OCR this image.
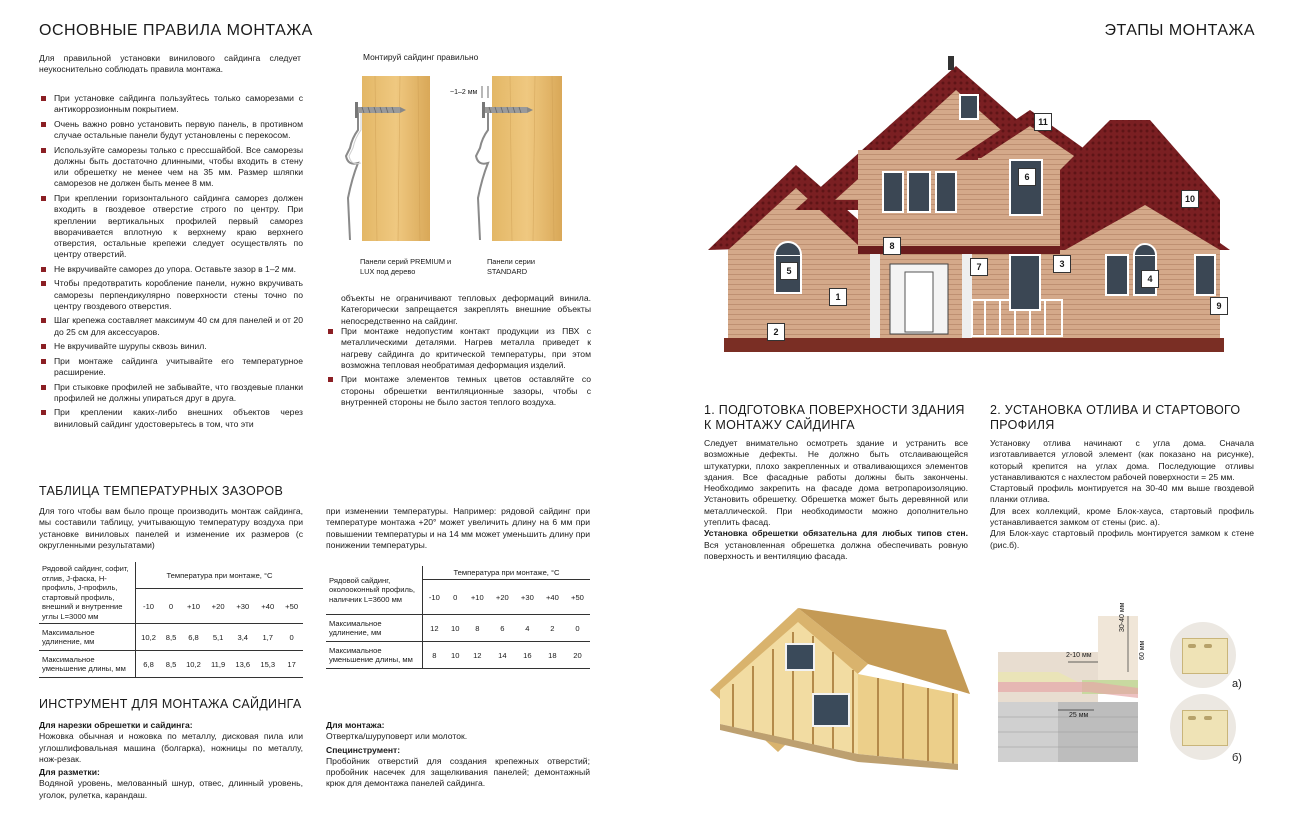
ОСНОВНЫЕ ПРАВИЛА МОНТАЖА
Для правильной установки винилового сайдинга следует неукоснительно соблюдать правила монтажа.
При установке сайдинга пользуйтесь только саморезами с антикоррозионным покрытием.
Очень важно ровно установить первую панель, в противном случае остальные панели будут установлены с перекосом.
Используйте саморезы только с прессшайбой. Все саморезы должны быть достаточно длинными, чтобы входить в стену или обрешетку не менее чем на 35 мм. Размер шляпки саморезов не должен быть менее 8 мм.
При креплении горизонтального сайдинга саморез должен входить в гвоздевое отверстие строго по центру. При креплении вертикальных профилей первый саморез вворачивается вплотную к верхнему краю верхнего отверстия, остальные крепежи следует осуществлять по центру отверстий.
Не вкручивайте саморез до упора. Оставьте зазор в 1–2 мм.
Чтобы предотвратить коробление панели, нужно вкручивать саморезы перпендикулярно поверхности стены точно по центру гвоздевого отверстия.
Шаг крепежа составляет максимум 40 см для панелей и от 20 до 25 см для аксессуаров.
Не вкручивайте шурупы сквозь винил.
При монтаже сайдинга учитывайте его температурное расширение.
При стыковке профилей не забывайте, что гвоздевые планки профилей не должны упираться друг в друга.
При креплении каких-либо внешних объектов через виниловый сайдинг удостоверьтесь в том, что эти
Монтируй сайдинг правильно
~1–2 мм
Панели серий PREMIUM и LUX под дерево
Панели серии STANDARD
объекты не ограничивают тепловых деформаций винила. Категорически запрещается закреплять внешние объекты непосредственно на сайдинг.
При монтаже недопустим контакт продукции из ПВХ с металлическими деталями. Нагрев металла приведет к нагреву сайдинга до критической температуры, при этом возможна тепловая необратимая деформация изделий.
При монтаже элементов темных цветов оставляйте со стороны обрешетки вентиляционные зазоры, чтобы с внутренней стороны не было застоя теплого воздуха.
ТАБЛИЦА ТЕМПЕРАТУРНЫХ ЗАЗОРОВ
Для того чтобы вам было проще производить монтаж сайдинга, мы составили таблицу, учитывающую температуру воздуха при установке виниловых панелей и изменение их размеров (с округленными результатами)
при изменении температуры. Например: рядовой сайдинг при температуре монтажа +20° может увеличить длину на 6 мм при повышении температуры и на 14 мм может уменьшить длину при понижении температуры.
Рядовой сайдинг, софит, отлив, J-фаска, Н-профиль, J-профиль, стартовый профиль, внешний и внутренние углы L=3000 мм	Температура при монтаже, °С						
	-10	0	+10	+20	+30	+40	+50
Максимальное удлинение, мм	10,2	8,5	6,8	5,1	3,4	1,7	0
Максимальное уменьшение длины, мм	6,8	8,5	10,2	11,9	13,6	15,3	17
Рядовой сайдинг, околооконный профиль, наличник L=3600 мм	Температура при монтаже, °С						
	-10	0	+10	+20	+30	+40	+50
Максимальное удлинение, мм	12	10	8	6	4	2	0
Максимальное уменьшение длины, мм	8	10	12	14	16	18	20
ИНСТРУМЕНТ ДЛЯ МОНТАЖА САЙДИНГА
Для нарезки обрешетки и сайдинга:
Ножовка обычная и ножовка по металлу, дисковая пила или углошлифовальная машина (болгарка), ножницы по металлу, нож-резак.
Для разметки:
Водяной уровень, мелованный шнур, отвес, длинный уровень, уголок, рулетка, карандаш.
Для монтажа:
Отвертка/шуруповерт или молоток.
Специнструмент:
Пробойник отверстий для создания крепежных отверстий; пробойник насечек для защелкивания панелей; демонтажный крюк для демонтажа панелей сайдинга.
ЭТАПЫ МОНТАЖА
1
2
3
4
5
6
7
8
9
10
11
1. ПОДГОТОВКА ПОВЕРХНОСТИ ЗДАНИЯ К МОНТАЖУ САЙДИНГА
Следует внимательно осмотреть здание и устранить все возможные дефекты. Не должно быть отслаивающейся штукатурки, плохо закрепленных и отваливающихся элементов здания. Все фасадные работы должны быть закончены. Необходимо закрепить на фасаде дома ветропароизоляцию. Установить обрешетку. Обрешетка может быть деревянной или металлической. При необходимости можно дополнительно утеплить фасад.
Установка обрешетки обязательна для любых типов стен. Вся установленная обрешетка должна обеспечивать ровную поверхность и вентиляцию фасада.
2. УСТАНОВКА ОТЛИВА И СТАРТОВОГО ПРОФИЛЯ
Установку отлива начинают с угла дома. Сначала изготавливается угловой элемент (как показано на рисунке), который крепится на углах дома. Последующие отливы устанавливаются с нахлестом рабочей поверхности = 25 мм.
Стартовый профиль монтируется на 30-40 мм выше гвоздевой планки отлива.
Для всех коллекций, кроме Блок-хауса, стартовый профиль устанавливается замком от стены (рис. а).
Для Блок-хаус стартовый профиль монтируется замком к стене (рис.б).
2-10 мм
30-40 мм
60 мм
25 мм
а)
б)
